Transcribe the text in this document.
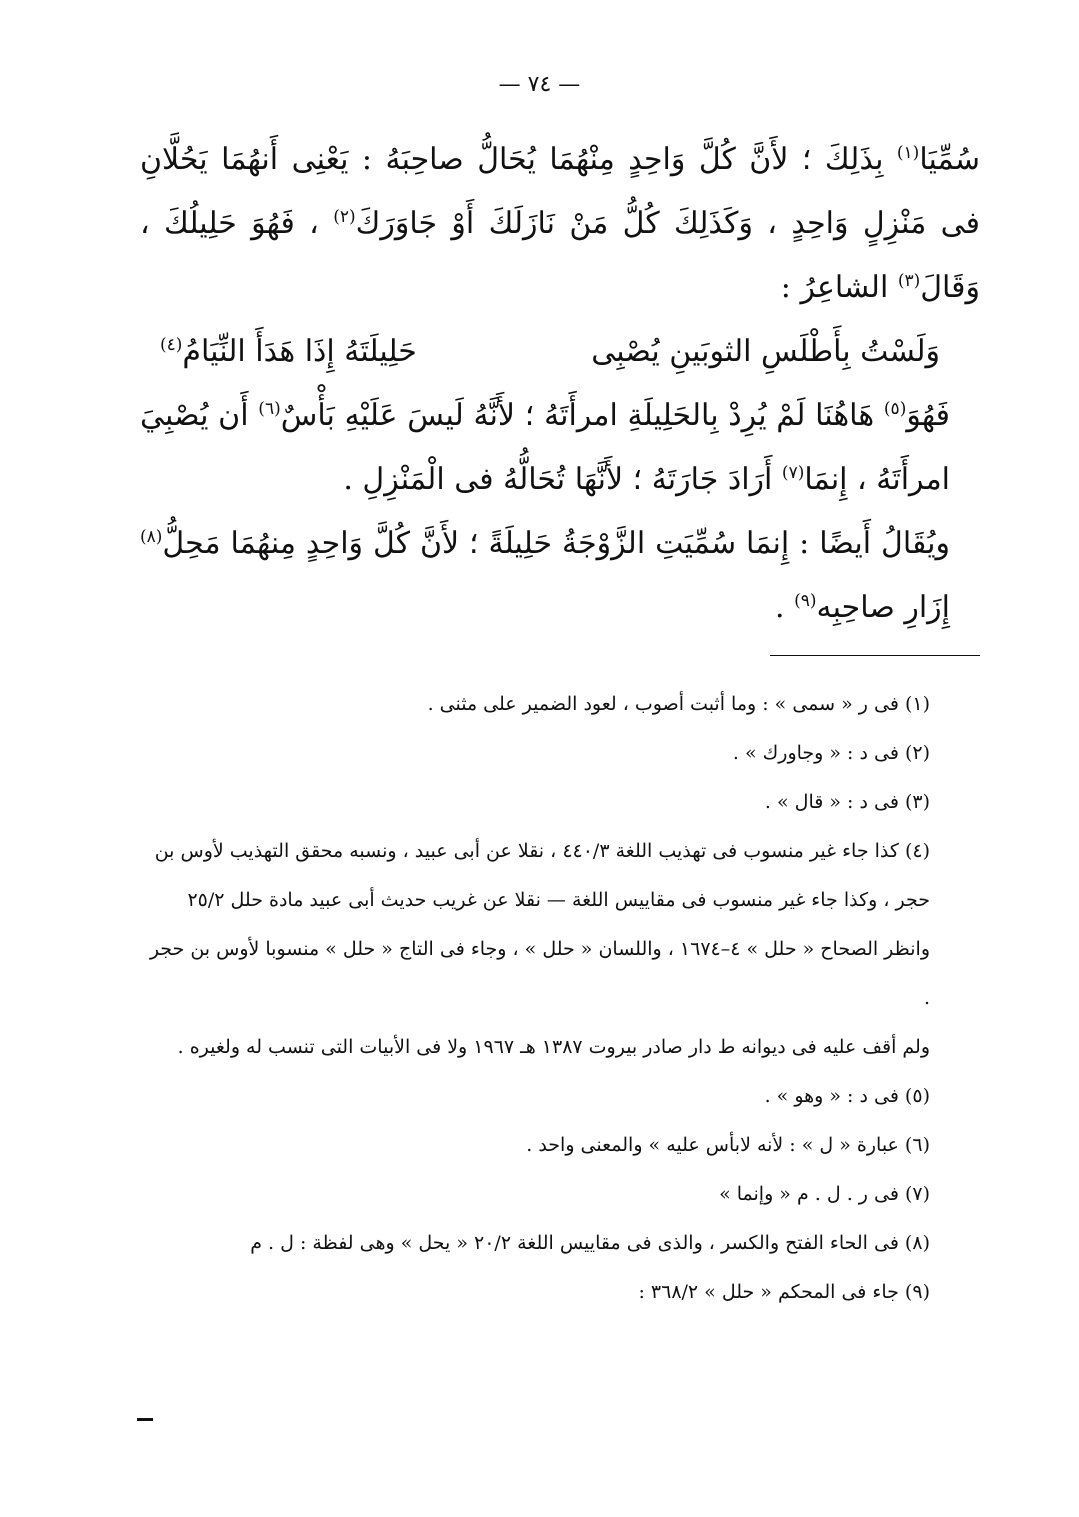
— ٧٤ —

سُمِّيَا$^{(١)}$ بِذَلِكَ ؛ لأَنَّ كُلَّ وَاحِدٍ مِنْهُمَا يُحَالُّ صاحِبَهُ : يَعْنِى أَنهُمَا يَحُلَّانِ فى مَنْزِلٍ وَاحِدٍ ، وَكَذَلِكَ كُلُّ مَنْ نَازَلَكَ أَوْ جَاوَرَكَ$^{(٢)}$ ، فَهُوَ حَلِيلُكَ ، وَقَالَ$^{(٣)}$ الشاعِرُ :

وَلَسْتُ بِأَطْلَسِ الثوبَينِ يُصْبِى
حَلِيلَتَهُ إِذَا هَدَأَ النِّيَامُ$^{(٤)}$

فَهُوَ$^{(٥)}$ هَاهُنَا لَمْ يُرِدْ بِالحَلِيلَةِ امرأَتَهُ ؛ لأَنَّهُ لَيسَ عَلَيْهِ بَأْسٌ$^{(٦)}$ أَن يُصْبِيَ امرأَتَهُ ، إِنمَا$^{(٧)}$ أَرَادَ جَارَتَهُ ؛ لأَنَّهَا تُحَالُّهُ فى الْمَنْزِلِ .

ويُقَالُ أَيضًا : إِنمَا سُمِّيَتِ الزَّوْجَةُ حَلِيلَةً ؛ لأَنَّ كُلَّ وَاحِدٍ مِنهُمَا مَحِلُّ$^{(٨)}$ إِزَارِ صاحِبِه$^{(٩)}$ .

(١) فى ر « سمى » : وما أثبت أصوب ، لعود الضمير على مثنى .

(٢) فى د : « وجاورك » .

(٣) فى د : « قال » .

(٤) كذا جاء غير منسوب فى تهذيب اللغة ٤٤٠/٣ ، نقلا عن أبى عبيد ، ونسبه محقق التهذيب لأوس بن حجر ، وكذا جاء غير منسوب فى مقاييس اللغة — نقلا عن غريب حديث أبى عبيد مادة حلل ٢٥/٢ وانظر الصحاح « حلل » ٤–١٦٧٤ ، واللسان « حلل » ، وجاء فى التاج « حلل » منسوبا لأوس بن حجر .

ولم أقف عليه فى ديوانه ط دار صادر بيروت ١٣٨٧ هـ ١٩٦٧ ولا فى الأبيات التى تنسب له ولغيره .

(٥) فى د : « وهو » .

(٦) عبارة « ل » : لأنه لابأس عليه » والمعنى واحد .

(٧) فى ر . ل . م « وإنما »

(٨) فى الحاء الفتح والكسر ، والذى فى مقاييس اللغة ٢٠/٢ « يحل » وهى لفظة : ل . م

(٩) جاء فى المحكم « حلل » ٣٦٨/٢ :
